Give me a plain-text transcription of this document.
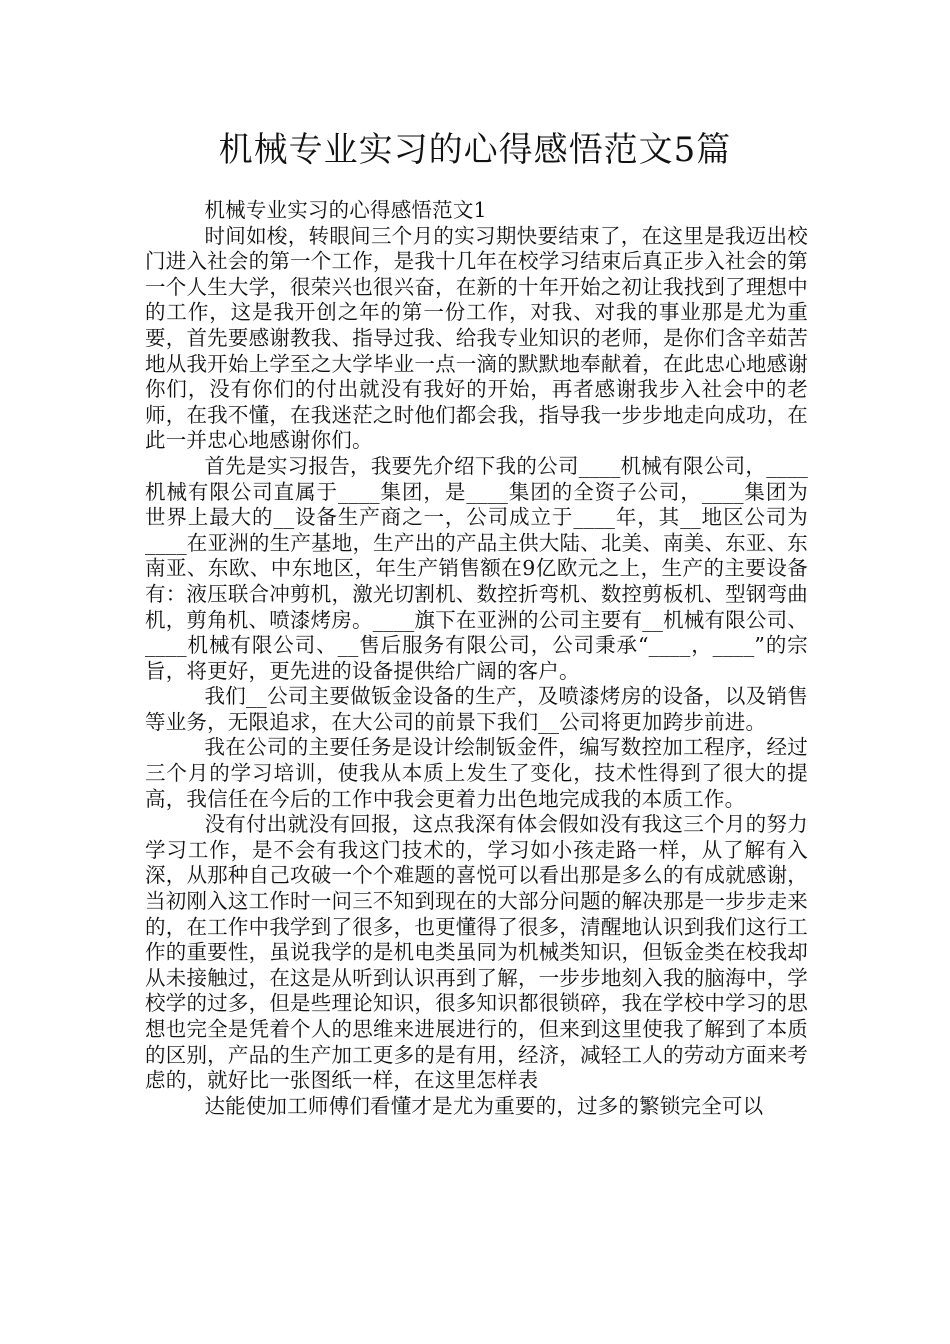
机械专业实习的心得感悟范文5篇

机械专业实习的心得感悟范文1

时间如梭，转眼间三个月的实习期快要结束了，在这里是我迈出校门进入社会的第一个工作，是我十几年在校学习结束后真正步入社会的第一个人生大学，很荣兴也很兴奋，在新的十年开始之初让我找到了理想中的工作，这是我开创之年的第一份工作，对我、对我的事业那是尤为重要，首先要感谢教我、指导过我、给我专业知识的老师，是你们含辛茹苦地从我开始上学至之大学毕业一点一滴的默默地奉献着，在此忠心地感谢你们，没有你们的付出就没有我好的开始，再者感谢我步入社会中的老师，在我不懂，在我迷茫之时他们都会我，指导我一步步地走向成功，在此一并忠心地感谢你们。

首先是实习报告，我要先介绍下我的公司____机械有限公司，____机械有限公司直属于____集团，是____集团的全资子公司，____集团为世界上最大的__设备生产商之一，公司成立于____年，其__地区公司为____在亚洲的生产基地，生产出的产品主供大陆、北美、南美、东亚、东南亚、东欧、中东地区，年生产销售额在9亿欧元之上，生产的主要设备有：液压联合冲剪机，激光切割机、数控折弯机、数控剪板机、型钢弯曲机，剪角机、喷漆烤房。____旗下在亚洲的公司主要有__机械有限公司、____机械有限公司、__售后服务有限公司，公司秉承“____，____”的宗旨，将更好，更先进的设备提供给广阔的客户。

我们__公司主要做钣金设备的生产，及喷漆烤房的设备，以及销售等业务，无限追求，在大公司的前景下我们__公司将更加跨步前进。

我在公司的主要任务是设计绘制钣金件，编写数控加工程序，经过三个月的学习培训，使我从本质上发生了变化，技术性得到了很大的提高，我信任在今后的工作中我会更着力出色地完成我的本质工作。

没有付出就没有回报，这点我深有体会假如没有我这三个月的努力学习工作，是不会有我这门技术的，学习如小孩走路一样，从了解有入深，从那种自己攻破一个个难题的喜悦可以看出那是多么的有成就感谢，当初刚入这工作时一问三不知到现在的大部分问题的解决那是一步步走来的，在工作中我学到了很多，也更懂得了很多，清醒地认识到我们这行工作的重要性，虽说我学的是机电类虽同为机械类知识，但钣金类在校我却从未接触过，在这是从听到认识再到了解，一步步地刻入我的脑海中，学校学的过多，但是些理论知识，很多知识都很锁碎，我在学校中学习的思想也完全是凭着个人的思维来进展进行的，但来到这里使我了解到了本质的区别，产品的生产加工更多的是有用，经济，减轻工人的劳动方面来考虑的，就好比一张图纸一样，在这里怎样表

达能使加工师傅们看懂才是尤为重要的，过多的繁锁完全可以
